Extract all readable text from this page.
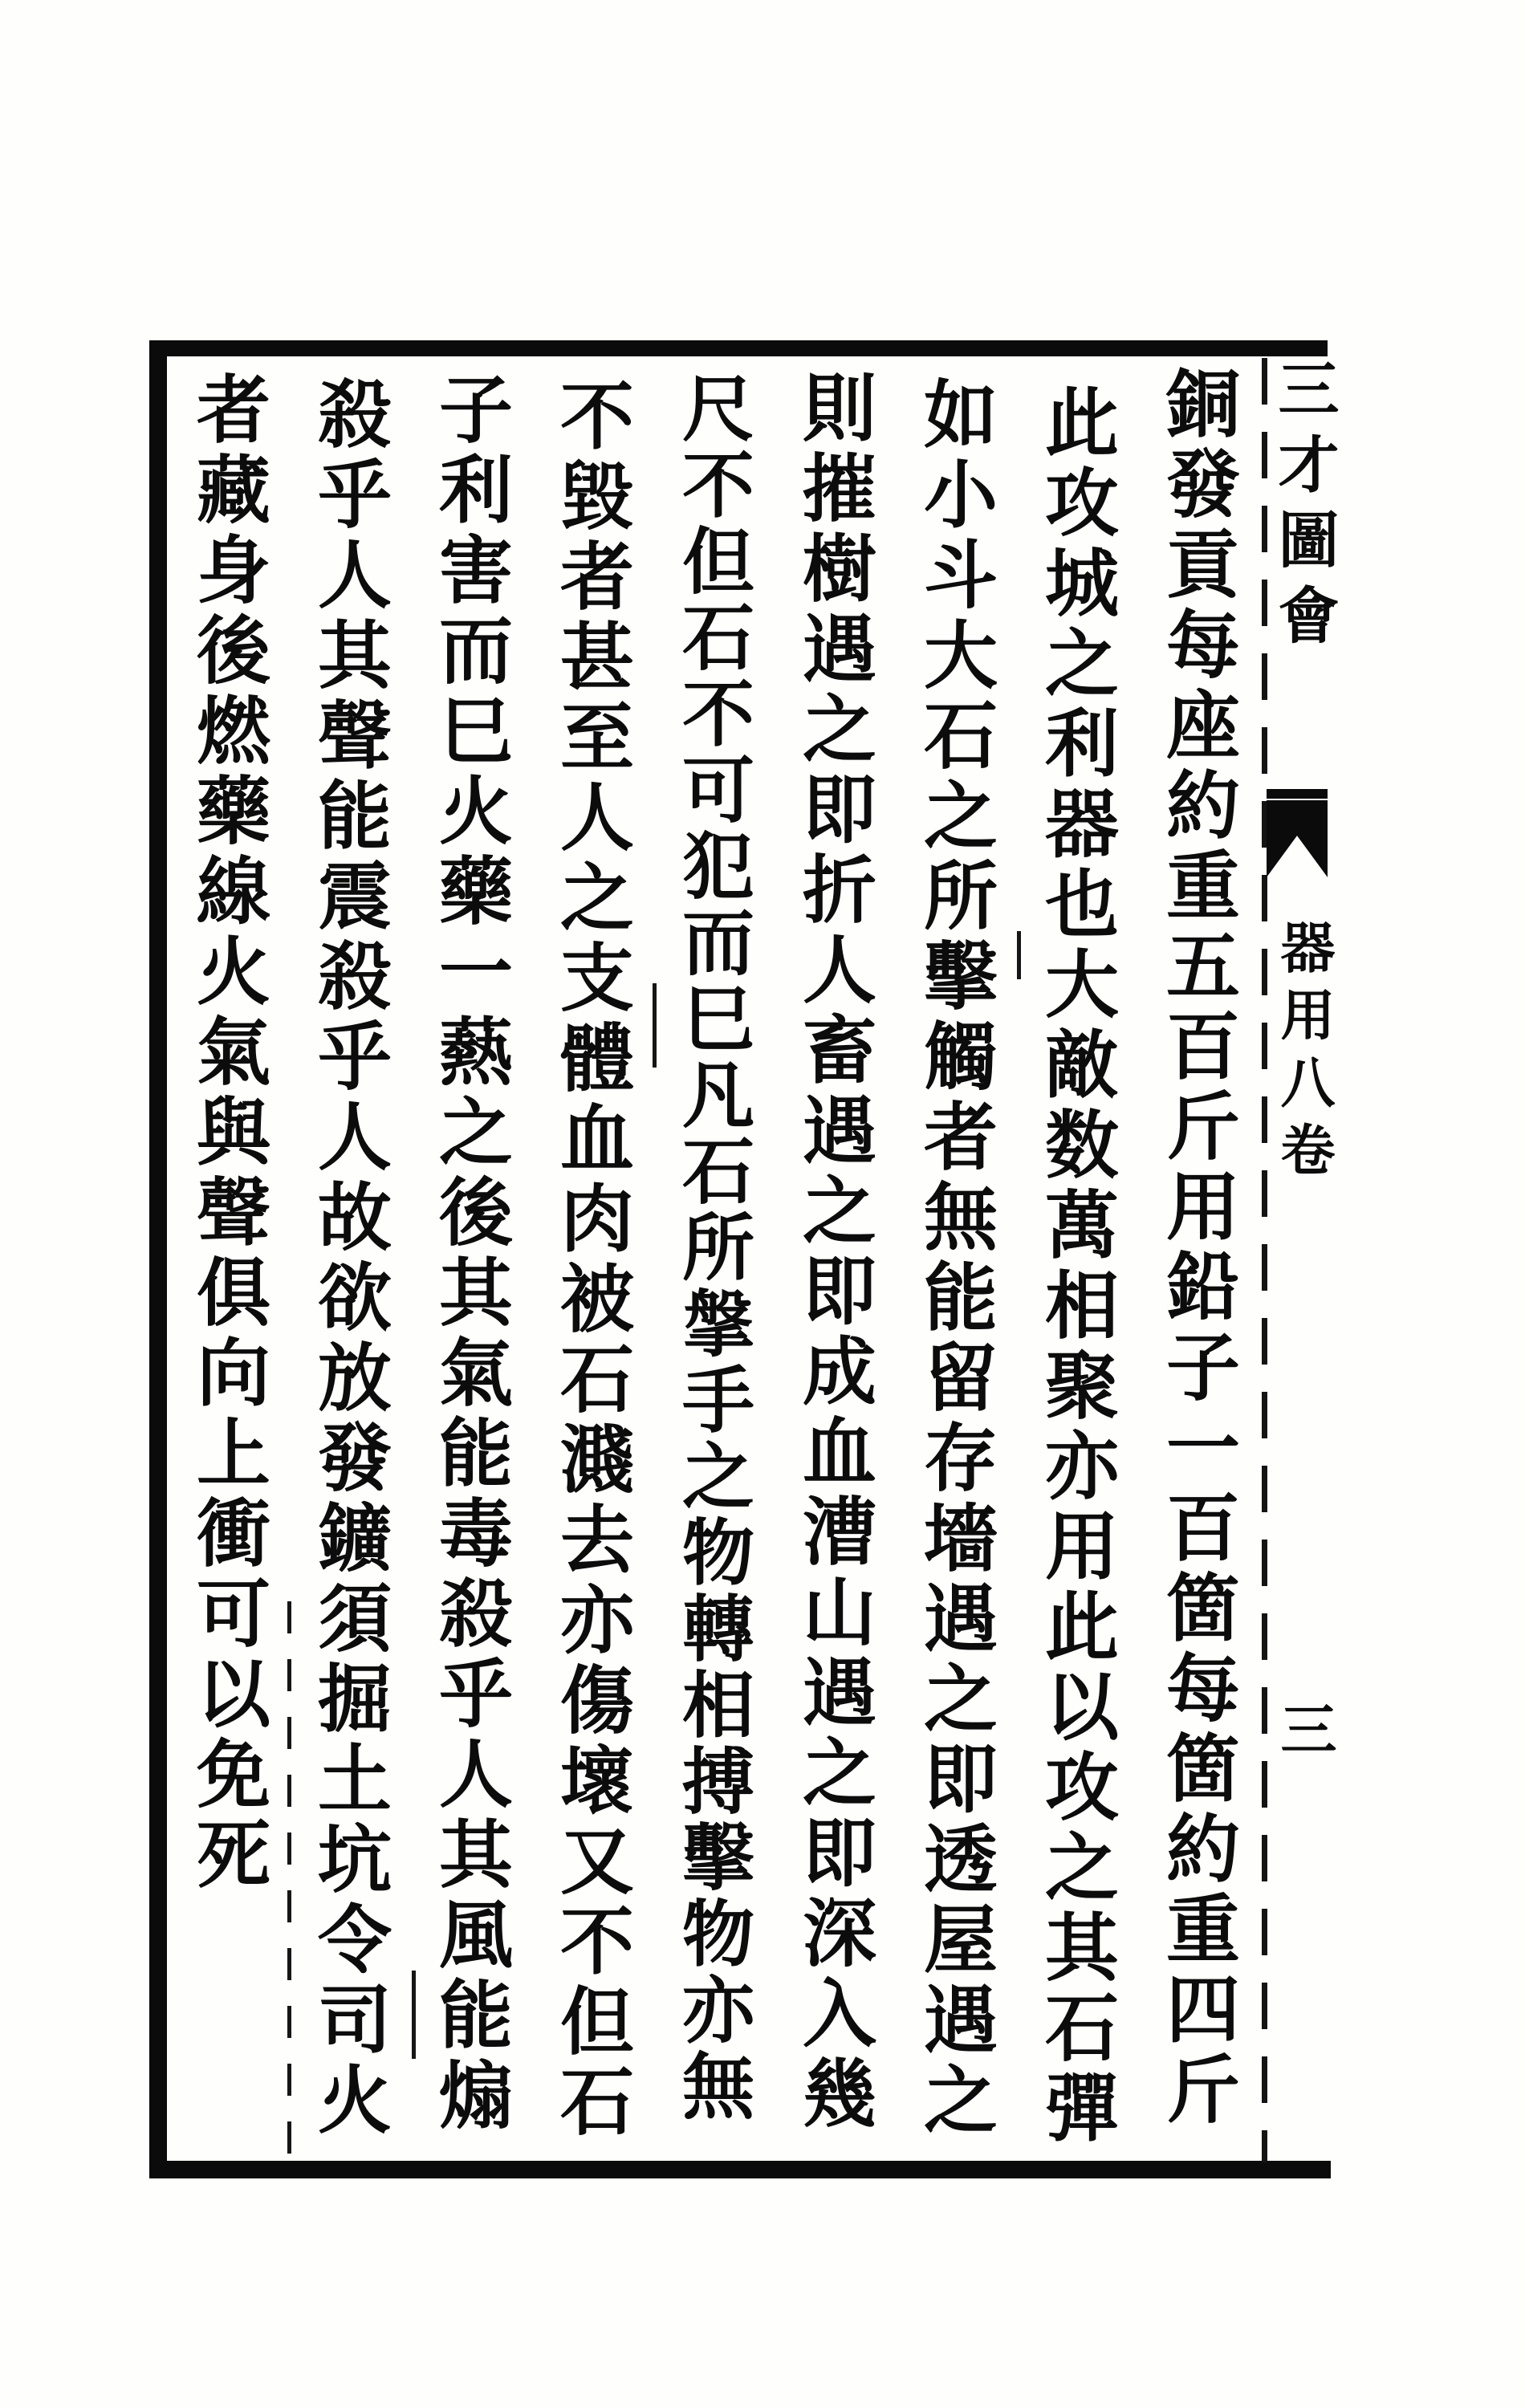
三才圖會
器用八卷
三
銅發貢每座約重五百斤用鉛子一百箇每箇約重四斤
此攻城之利器也大敵数萬相聚亦用此以攻之其石彈
如小斗大石之所擊觸者無能留存墻遇之即透屋遇之
則摧樹遇之即折人畜遇之即成血漕山遇之即深入幾
尺不但石不可犯而巳凡石所搫手之物轉相搏擊物亦無
不毀者甚至人之支體血肉被石濺去亦傷壞又不但石
子利害而巳火藥一爇之後其氣能毒殺乎人其風能煽
殺乎人其聲能震殺乎人故欲放發鑛須掘土坑令司火
者藏身後燃藥線火氣與聲俱向上衝可以免死
